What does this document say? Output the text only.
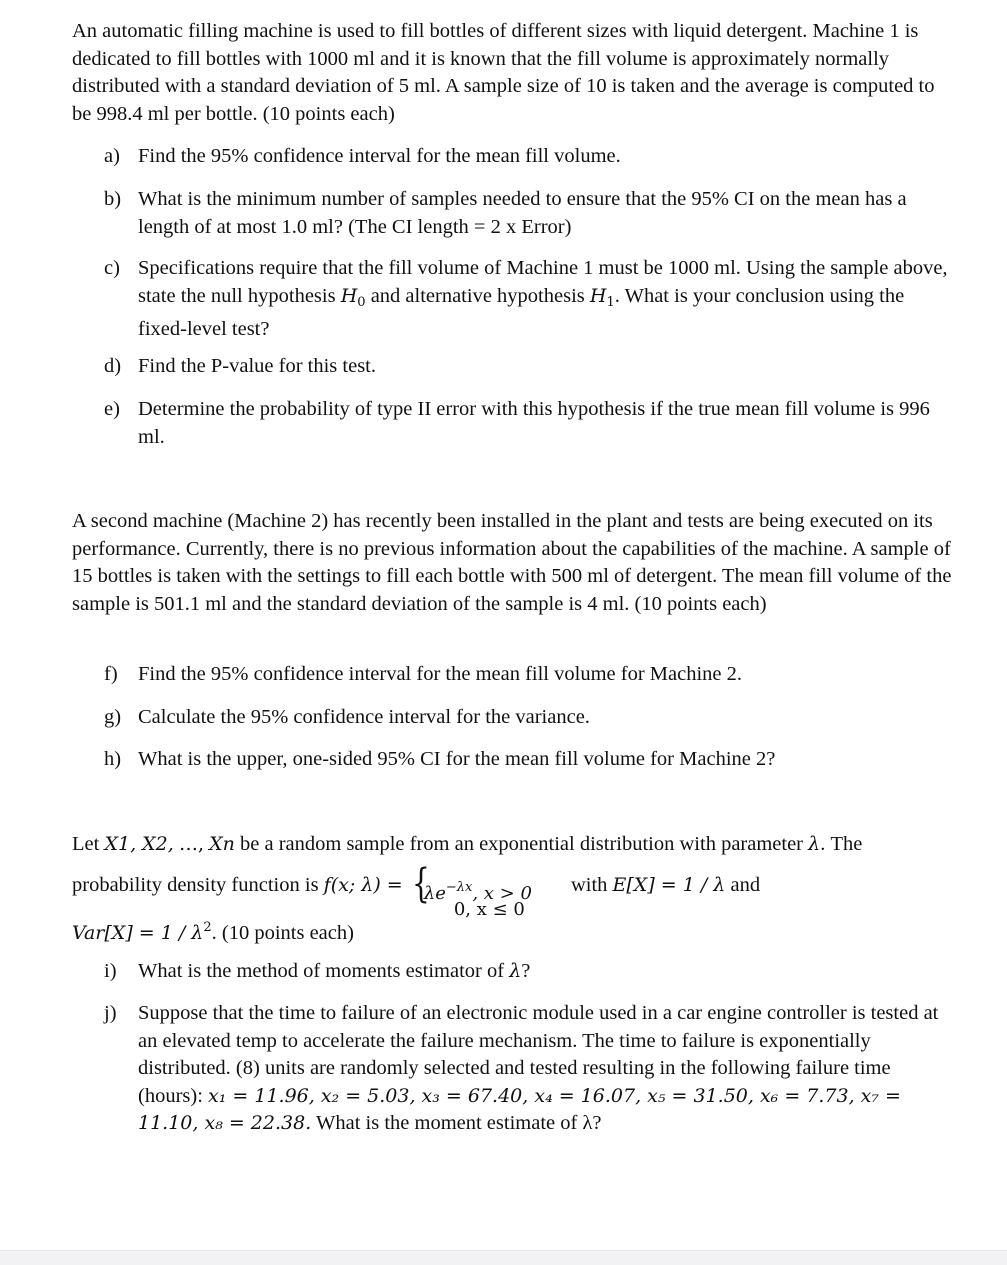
An automatic filling machine is used to fill bottles of different sizes with liquid detergent. Machine 1 is dedicated to fill bottles with 1000 ml and it is known that the fill volume is approximately normally distributed with a standard deviation of 5 ml. A sample size of 10 is taken and the average is computed to be 998.4 ml per bottle. (10 points each)

a) Find the 95% confidence interval for the mean fill volume.
b) What is the minimum number of samples needed to ensure that the 95% CI on the mean has a length of at most 1.0 ml? (The CI length = 2 x Error)
c) Specifications require that the fill volume of Machine 1 must be 1000 ml. Using the sample above, state the null hypothesis $H_0$ and alternative hypothesis $H_1$. What is your conclusion using the fixed-level test?
d) Find the P-value for this test.
e) Determine the probability of type II error with this hypothesis if the true mean fill volume is 996 ml.

A second machine (Machine 2) has recently been installed in the plant and tests are being executed on its performance. Currently, there is no previous information about the capabilities of the machine. A sample of 15 bottles is taken with the settings to fill each bottle with 500 ml of detergent. The mean fill volume of the sample is 501.1 ml and the standard deviation of the sample is 4 ml. (10 points each)

f) Find the 95% confidence interval for the mean fill volume for Machine 2.
g) Calculate the 95% confidence interval for the variance.
h) What is the upper, one-sided 95% CI for the mean fill volume for Machine 2?
Let X1, X2, …, Xn be a random sample from an exponential distribution with parameter λ. The
probability density function is f(x; λ) = {
$\lambda e^{-\lambda x}$, x > 0
0, x ≤ 0
with E[X] = 1 / λ and
$Var[X] = 1 / \lambda^2$. (10 points each)
i)	What is the method of moments estimator of λ?
j)	Suppose that the time to failure of an electronic module used in a car engine controller is tested at an elevated temp to accelerate the failure mechanism. The time to failure is exponentially distributed. (8) units are randomly selected and tested resulting in the following failure time (hours): x₁ = 11.96, x₂ = 5.03, x₃ = 67.40, x₄ = 16.07, x₅ = 31.50, x₆ = 7.73, x₇ = 11.10, x₈ = 22.38. What is the moment estimate of λ?
